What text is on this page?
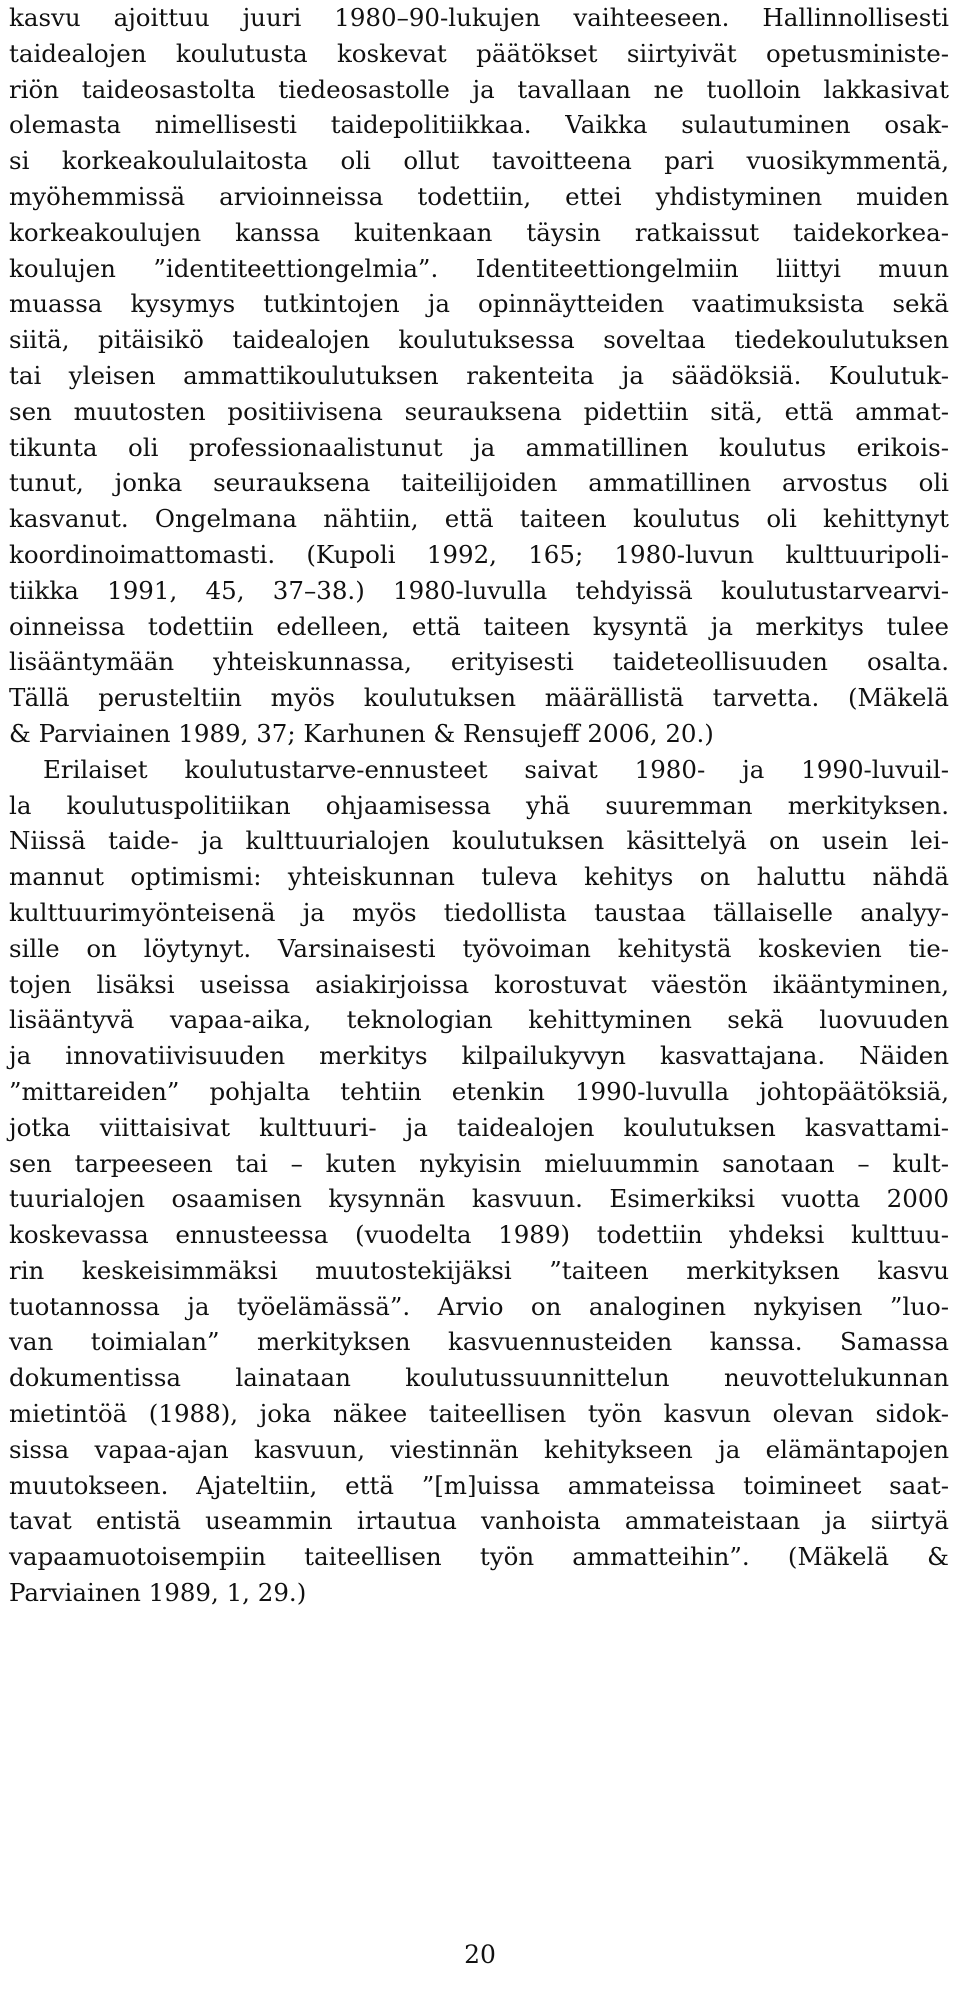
kasvu ajoittuu juuri 1980–90-lukujen vaihteeseen. Hallinnollisesti
taidealojen koulutusta koskevat päätökset siirtyivät opetusministe-
riön taideosastolta tiedeosastolle ja tavallaan ne tuolloin lakkasivat
olemasta nimellisesti taidepolitiikkaa. Vaikka sulautuminen osak-
si korkeakoululaitosta oli ollut tavoitteena pari vuosikymmentä,
myöhemmissä arvioinneissa todettiin, ettei yhdistyminen muiden
korkeakoulujen kanssa kuitenkaan täysin ratkaissut taidekorkea-
koulujen ”identiteettiongelmia”. Identiteettiongelmiin liittyi muun
muassa kysymys tutkintojen ja opinnäytteiden vaatimuksista sekä
siitä, pitäisikö taidealojen koulutuksessa soveltaa tiedekoulutuksen
tai yleisen ammattikoulutuksen rakenteita ja säädöksiä. Koulutuk-
sen muutosten positiivisena seurauksena pidettiin sitä, että ammat-
tikunta oli professionaalistunut ja ammatillinen koulutus erikois-
tunut, jonka seurauksena taiteilijoiden ammatillinen arvostus oli
kasvanut. Ongelmana nähtiin, että taiteen koulutus oli kehittynyt
koordinoimattomasti. (Kupoli 1992, 165; 1980-luvun kulttuuripoli-
tiikka 1991, 45, 37–38.) 1980-luvulla tehdyissä koulutustarvearvi-
oinneissa todettiin edelleen, että taiteen kysyntä ja merkitys tulee
lisääntymään yhteiskunnassa, erityisesti taideteollisuuden osalta.
Tällä perusteltiin myös koulutuksen määrällistä tarvetta. (Mäkelä
& Parviainen 1989, 37; Karhunen & Rensujeff 2006, 20.)
Erilaiset koulutustarve-ennusteet saivat 1980- ja 1990-luvuil-
la koulutuspolitiikan ohjaamisessa yhä suuremman merkityksen.
Niissä taide- ja kulttuurialojen koulutuksen käsittelyä on usein lei-
mannut optimismi: yhteiskunnan tuleva kehitys on haluttu nähdä
kulttuurimyönteisenä ja myös tiedollista taustaa tällaiselle analyy-
sille on löytynyt. Varsinaisesti työvoiman kehitystä koskevien tie-
tojen lisäksi useissa asiakirjoissa korostuvat väestön ikääntyminen,
lisääntyvä vapaa-aika, teknologian kehittyminen sekä luovuuden
ja innovatiivisuuden merkitys kilpailukyvyn kasvattajana. Näiden
”mittareiden” pohjalta tehtiin etenkin 1990-luvulla johtopäätöksiä,
jotka viittaisivat kulttuuri- ja taidealojen koulutuksen kasvattami-
sen tarpeeseen tai – kuten nykyisin mieluummin sanotaan – kult-
tuurialojen osaamisen kysynnän kasvuun. Esimerkiksi vuotta 2000
koskevassa ennusteessa (vuodelta 1989) todettiin yhdeksi kulttuu-
rin keskeisimmäksi muutostekijäksi ”taiteen merkityksen kasvu
tuotannossa ja työelämässä”. Arvio on analoginen nykyisen ”luo-
van toimialan” merkityksen kasvuennusteiden kanssa. Samassa
dokumentissa lainataan koulutussuunnittelun neuvottelukunnan
mietintöä (1988), joka näkee taiteellisen työn kasvun olevan sidok-
sissa vapaa-ajan kasvuun, viestinnän kehitykseen ja elämäntapojen
muutokseen. Ajateltiin, että ”[m]uissa ammateissa toimineet saat-
tavat entistä useammin irtautua vanhoista ammateistaan ja siirtyä
vapaamuotoisempiin taiteellisen työn ammatteihin”. (Mäkelä &
Parviainen 1989, 1, 29.)
20
